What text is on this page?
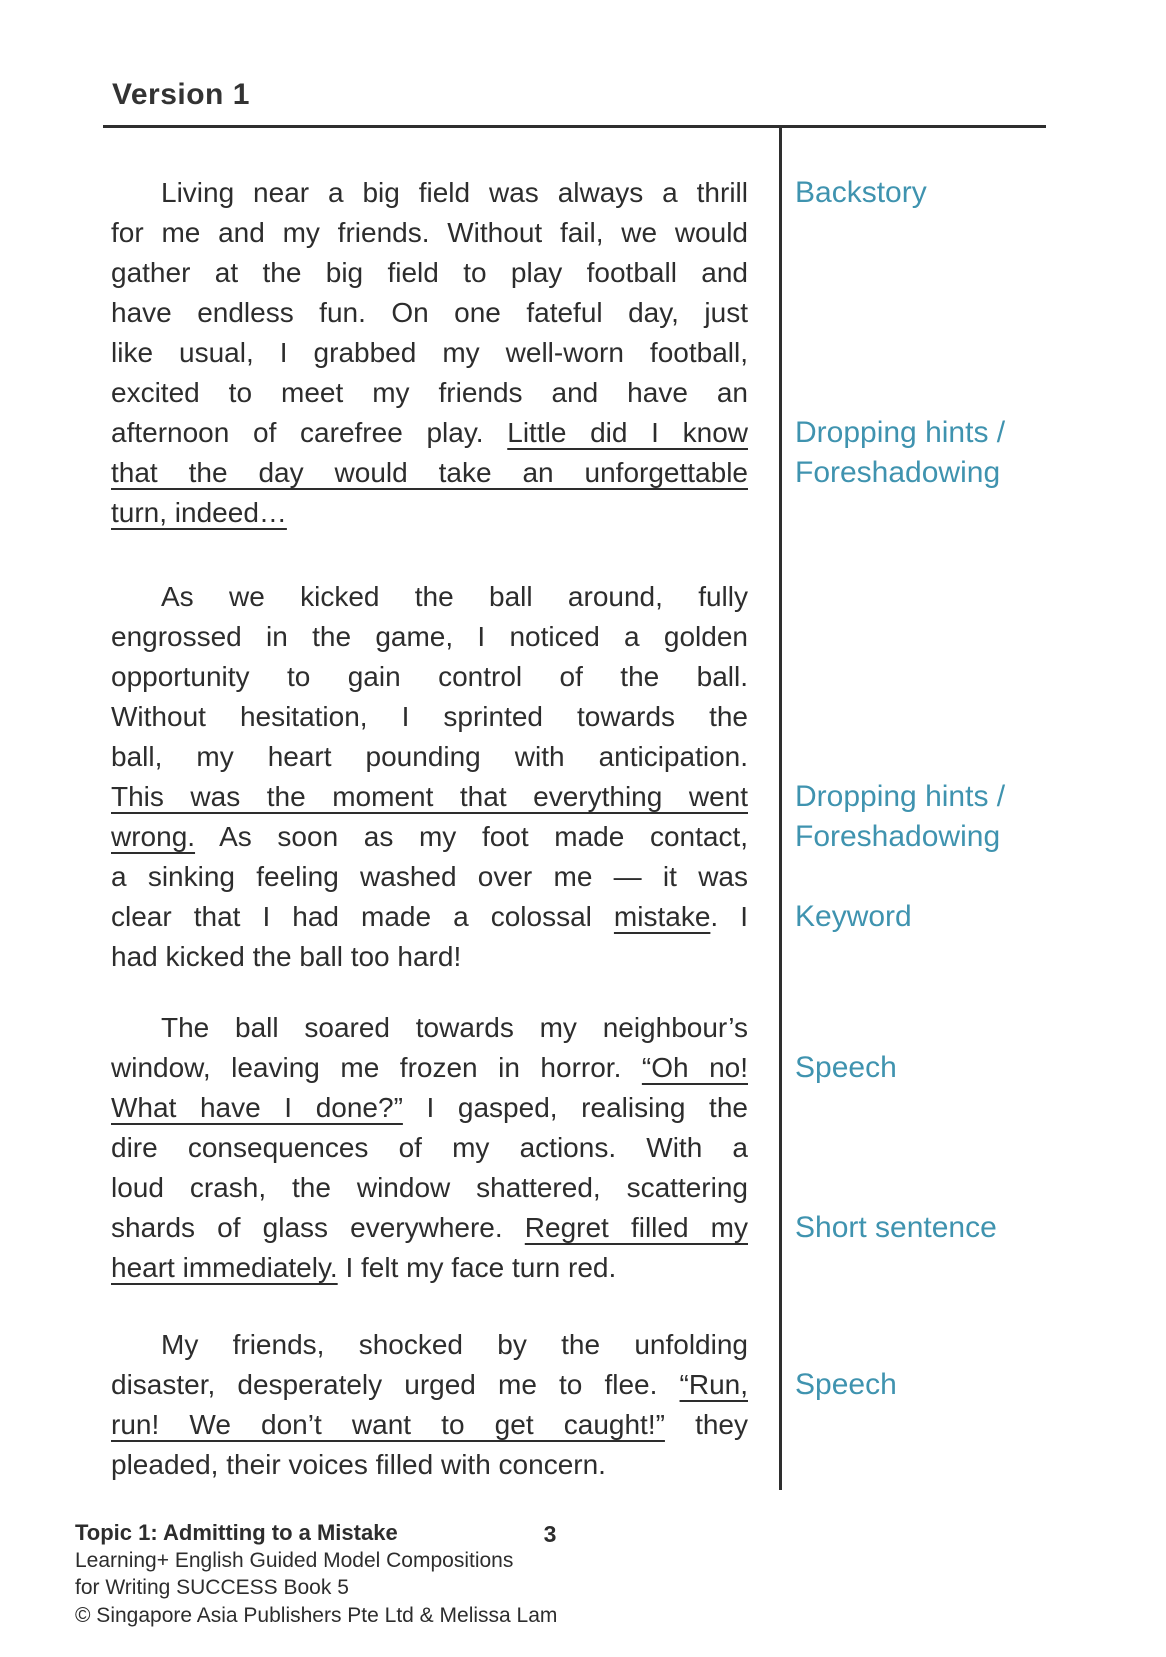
Version 1
Living near a big field was always a thrill
for me and my friends. Without fail, we would
gather at the big field to play football and
have endless fun. On one fateful day, just
like usual, I grabbed my well-worn football,
excited to meet my friends and have an
afternoon of carefree play. Little did I know
that the day would take an unforgettable
turn, indeed…
As we kicked the ball around, fully
engrossed in the game, I noticed a golden
opportunity to gain control of the ball.
Without hesitation, I sprinted towards the
ball, my heart pounding with anticipation.
This was the moment that everything went
wrong. As soon as my foot made contact,
a sinking feeling washed over me — it was
clear that I had made a colossal mistake. I
had kicked the ball too hard!
The ball soared towards my neighbour’s
window, leaving me frozen in horror. “Oh no!
What have I done?” I gasped, realising the
dire consequences of my actions. With a
loud crash, the window shattered, scattering
shards of glass everywhere. Regret filled my
heart immediately. I felt my face turn red.
My friends, shocked by the unfolding
disaster, desperately urged me to flee. “Run,
run! We don’t want to get caught!” they
pleaded, their voices filled with concern.
Backstory
Dropping hints / Foreshadowing
Dropping hints / Foreshadowing
Keyword
Speech
Short sentence
Speech
Topic 1: Admitting to a Mistake
Learning+ English Guided Model Compositions
for Writing SUCCESS Book 5
© Singapore Asia Publishers Pte Ltd & Melissa Lam
3
